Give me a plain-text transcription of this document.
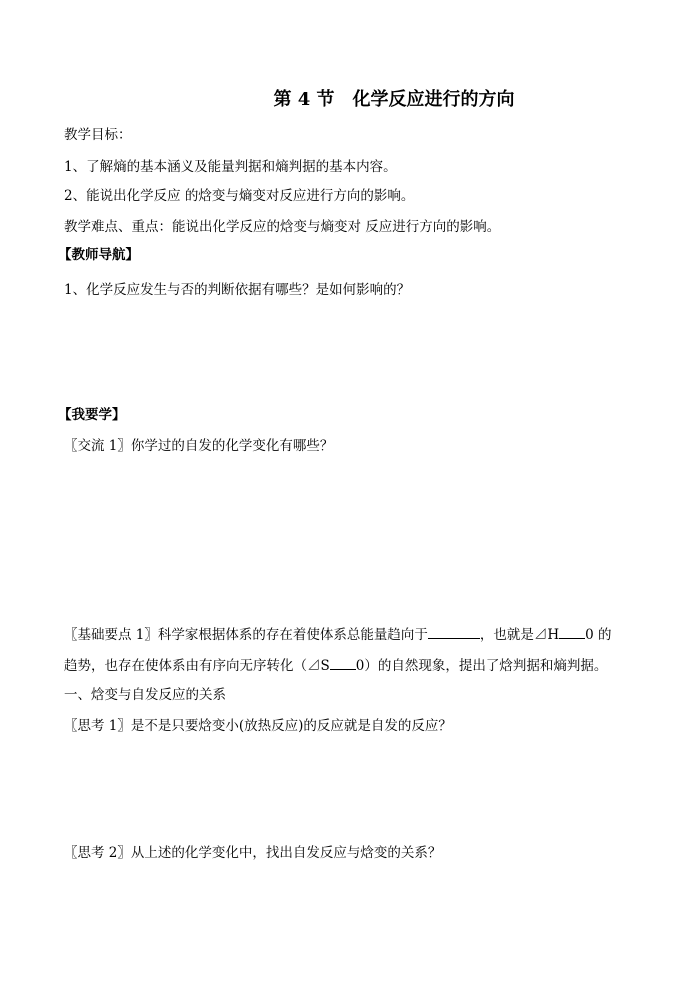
第 4 节　化学反应进行的方向
教学目标：
1、了解熵的基本涵义及能量判据和熵判据的基本内容。
2、能说出化学反应 的焓变与熵变对反应进行方向的影响。
教学难点、重点：能说出化学反应的焓变与熵变对 反应进行方向的影响。
【教师导航】
1、化学反应发生与否的判断依据有哪些？是如何影响的？
【我要学】
〖交流 1〗你学过的自发的化学变化有哪些？
〖基础要点 1〗科学家根据体系的存在着使体系总能量趋向于	，也就是⊿H 0 的
趋势，也存在使体系由有序向无序转化（⊿S 0）的自然现象，提出了焓判据和熵判据。
一、焓变与自发反应的关系
〖思考 1〗是不是只要焓变小(放热反应)的反应就是自发的反应？
〖思考 2〗从上述的化学变化中，找出自发反应与焓变的关系？
